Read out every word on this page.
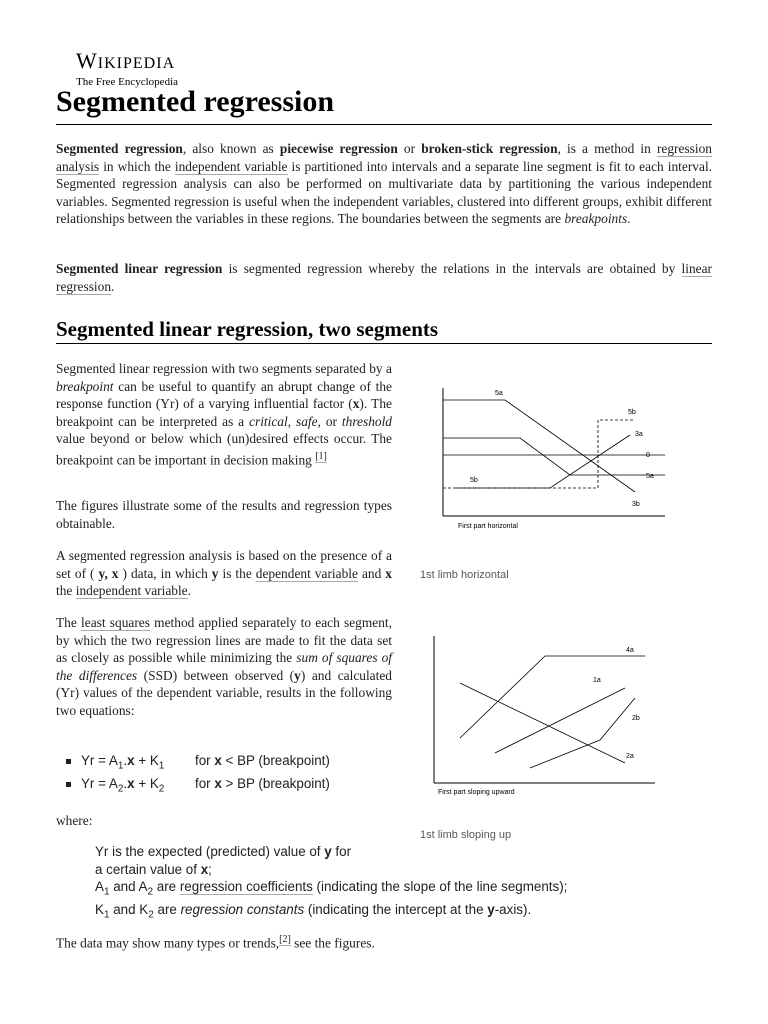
WIKIPEDIA
The Free Encyclopedia
Segmented regression

Segmented regression, also known as piecewise regression or broken-stick regression, is a method in regression analysis in which the independent variable is partitioned into intervals and a separate line segment is fit to each interval. Segmented regression analysis can also be performed on multivariate data by partitioning the various independent variables. Segmented regression is useful when the independent variables, clustered into different groups, exhibit different relationships between the variables in these regions. The boundaries between the segments are breakpoints.

Segmented linear regression is segmented regression whereby the relations in the intervals are obtained by linear regression.

Segmented linear regression, two segments

Segmented linear regression with two segments separated by a breakpoint can be useful to quantify an abrupt change of the response function (Yr) of a varying influential factor (x). The breakpoint can be interpreted as a critical, safe, or threshold value beyond or below which (un)desired effects occur. The breakpoint can be important in decision making [1]

The figures illustrate some of the results and regression types obtainable.

A segmented regression analysis is based on the presence of a set of ( y, x ) data, in which y is the dependent variable and x the independent variable.

The least squares method applied separately to each segment, by which the two regression lines are made to fit the data set as closely as possible while minimizing the sum of squares of the differences (SSD) between observed (y) and calculated (Yr) values of the dependent variable, results in the following two equations:

$Yr = A_1.x + K_1$ for x < BP (breakpoint)
$Yr = A_2.x + K_2$ for x > BP (breakpoint)

where:

Yr is the expected (predicted) value of y for
a certain value of x;
$A_1$ and $A_2$ are regression coefficients (indicating the slope of the line segments);
$K_1$ and $K_2$ are regression constants (indicating the intercept at the y-axis).

The data may show many types or trends,[2] see the figures.

5a
5b
3a
0
5a
5b
3b
First part horizontal
1st limb horizontal
4a
1a
2b
2a
First part sloping upward
1st limb sloping up
